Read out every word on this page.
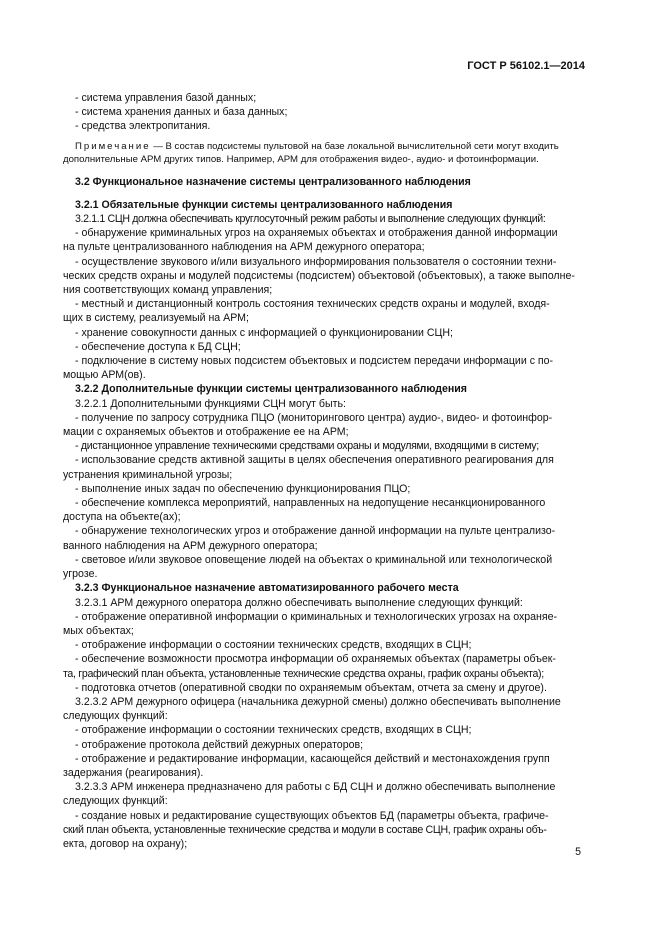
ГОСТ Р 56102.1—2014

- система управления базой данных;

- система хранения данных и база данных;

- средства электропитания.

Примечание — В состав подсистемы пультовой на базе локальной вычислительной сети могут входить
дополнительные АРМ других типов. Например, АРМ для отображения видео-, аудио- и фотоинформации.

3.2 Функциональное назначение системы централизованного наблюдения

3.2.1 Обязательные функции системы централизованного наблюдения

3.2.1.1 СЦН должна обеспечивать круглосуточный режим работы и выполнение следующих функций:

- обнаружение криминальных угроз на охраняемых объектах и отображения данной информации

на пульте централизованного наблюдения на АРМ дежурного оператора;

- осуществление звукового и/или визуального информирования пользователя о состоянии техни-

ческих средств охраны и модулей подсистемы (подсистем) объектовой (объектовых), а также выполне-

ния соответствующих команд управления;

- местный и дистанционный контроль состояния технических средств охраны и модулей, входя-

щих в систему, реализуемый на АРМ;

- хранение совокупности данных с информацией о функционировании СЦН;

- обеспечение доступа к БД СЦН;

- подключение в систему новых подсистем объектовых и подсистем передачи информации с по-

мощью АРМ(ов).

3.2.2 Дополнительные функции системы централизованного наблюдения

3.2.2.1 Дополнительными функциями СЦН могут быть:

- получение по запросу сотрудника ПЦО (мониторингового центра) аудио-, видео- и фотоинфор-

мации с охраняемых объектов и отображение ее на АРМ;

- дистанционное управление техническими средствами охраны и модулями, входящими в систему;

- использование средств активной защиты в целях обеспечения оперативного реагирования для

устранения криминальной угрозы;

- выполнение иных задач по обеспечению функционирования ПЦО;

- обеспечение комплекса мероприятий, направленных на недопущение несанкционированного

доступа на объекте(ах);

- обнаружение технологических угроз и отображение данной информации на пульте централизо-

ванного наблюдения на АРМ дежурного оператора;

- световое и/или звуковое оповещение людей на объектах о криминальной или технологической

угрозе.

3.2.3 Функциональное назначение автоматизированного рабочего места

3.2.3.1 АРМ дежурного оператора должно обеспечивать выполнение следующих функций:

- отображение оперативной информации о криминальных и технологических угрозах на охраняе-

мых объектах;

- отображение информации о состоянии технических средств, входящих в СЦН;

- обеспечение возможности просмотра информации об охраняемых объектах (параметры объек-

та, графический план объекта, установленные технические средства охраны, график охраны объекта);

- подготовка отчетов (оперативной сводки по охраняемым объектам, отчета за смену и другое).

3.2.3.2 АРМ дежурного офицера (начальника дежурной смены) должно обеспечивать выполнение

следующих функций:

- отображение информации о состоянии технических средств, входящих в СЦН;

- отображение протокола действий дежурных операторов;

- отображение и редактирование информации, касающейся действий и местонахождения групп

задержания (реагирования).

3.2.3.3 АРМ инженера предназначено для работы с БД СЦН и должно обеспечивать выполнение

следующих функций:

- создание новых и редактирование существующих объектов БД (параметры объекта, графиче-

ский план объекта, установленные технические средства и модули в составе СЦН, график охраны объ-

екта, договор на охрану);

5
